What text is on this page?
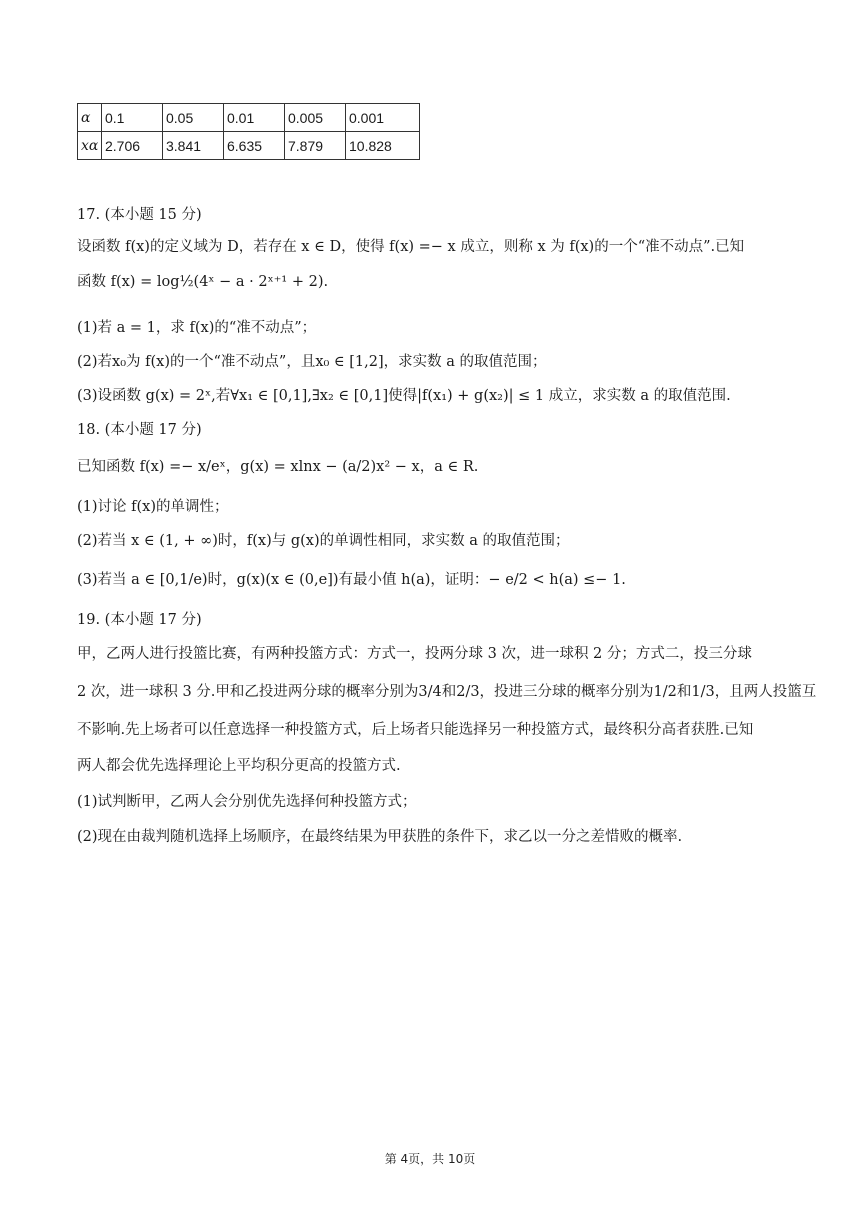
α	0.1	0.05	0.01	0.005	0.001
xα	2.706	3.841	6.635	7.879	10.828
17. (本小题 15 分)
设函数 f(x)的定义域为 D，若存在 x ∈ D，使得 f(x) =− x 成立，则称 x 为 f(x)的一个“准不动点”.已知
函数 f(x) = log½(4ˣ − a · 2ˣ⁺¹ + 2).
(1)若 a = 1，求 f(x)的“准不动点”；
(2)若x₀为 f(x)的一个“准不动点”，且x₀ ∈ [1,2]，求实数 a 的取值范围；
(3)设函数 g(x) = 2ˣ,若∀x₁ ∈ [0,1],∃x₂ ∈ [0,1]使得|f(x₁) + g(x₂)| ≤ 1 成立，求实数 a 的取值范围.
18. (本小题 17 分)
已知函数 f(x) =− x/eˣ，g(x) = xlnx − (a/2)x² − x，a ∈ R.
(1)讨论 f(x)的单调性；
(2)若当 x ∈ (1, + ∞)时，f(x)与 g(x)的单调性相同，求实数 a 的取值范围；
(3)若当 a ∈ [0,1/e)时，g(x)(x ∈ (0,e])有最小值 h(a)，证明：− e/2 < h(a) ≤− 1.
19. (本小题 17 分)
甲，乙两人进行投篮比赛，有两种投篮方式：方式一，投两分球 3 次，进一球积 2 分；方式二，投三分球
2 次，进一球积 3 分.甲和乙投进两分球的概率分别为3/4和2/3，投进三分球的概率分别为1/2和1/3，且两人投篮互
不影响.先上场者可以任意选择一种投篮方式，后上场者只能选择另一种投篮方式，最终积分高者获胜.已知
两人都会优先选择理论上平均积分更高的投篮方式.
(1)试判断甲，乙两人会分别优先选择何种投篮方式；
(2)现在由裁判随机选择上场顺序，在最终结果为甲获胜的条件下，求乙以一分之差惜败的概率.
第 4页，共 10页
